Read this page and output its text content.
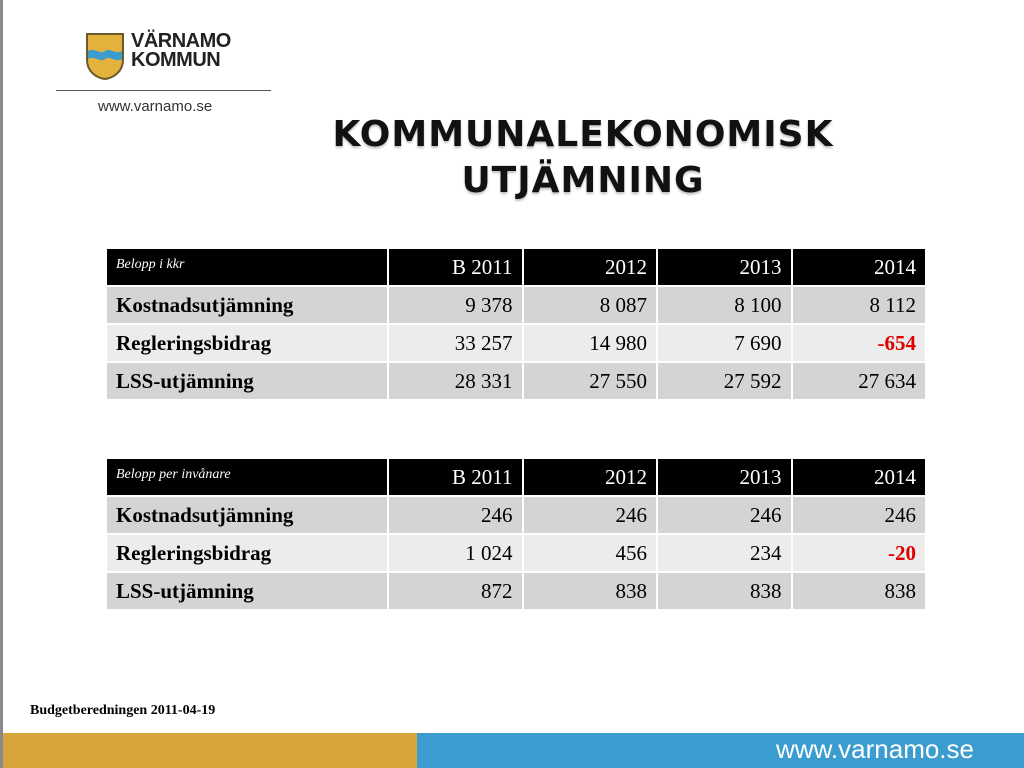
VÄRNAMO
KOMMUN
www.varnamo.se
KOMMUNALEKONOMISK
UTJÄMNING
Belopp i kkr	B 2011	2012	2013	2014
Kostnadsutjämning	9 378	8 087	8 100	8 112
Regleringsbidrag	33 257	14 980	7 690	-654
LSS-utjämning	28 331	27 550	27 592	27 634
Belopp per invånare	B 2011	2012	2013	2014
Kostnadsutjämning	246	246	246	246
Regleringsbidrag	1 024	456	234	-20
LSS-utjämning	872	838	838	838
Budgetberedningen 2011-04-19
www.varnamo.se
